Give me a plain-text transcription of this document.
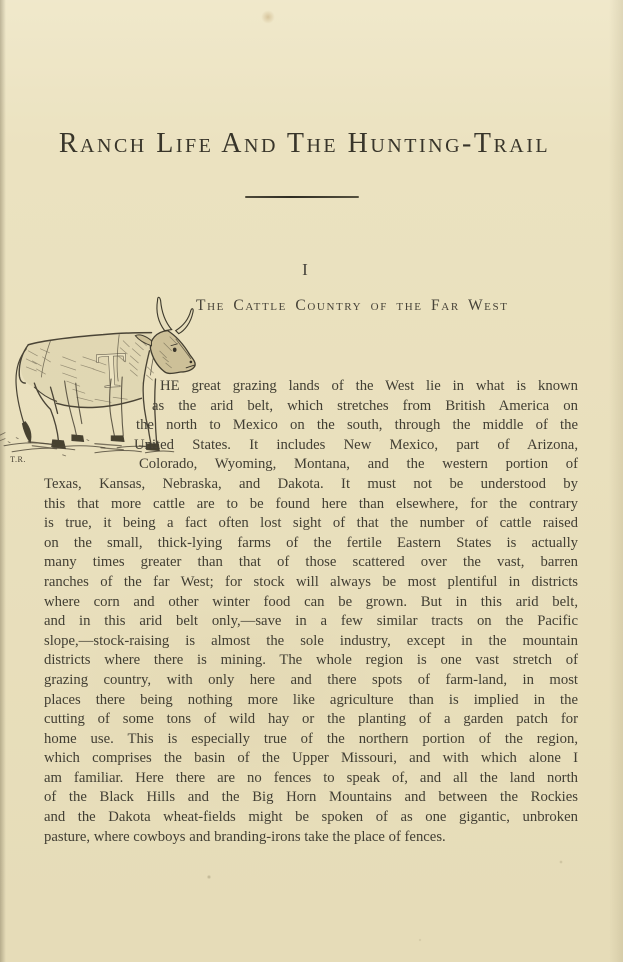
Ranch Life And The Hunting-Trail
I
The Cattle Country of the Far West
T
T.R.
HE great grazing lands of the West lie in what is known
as the arid belt, which stretches from British America on
the north to Mexico on the south, through the middle of the
United States. It includes New Mexico, part of Arizona,
Colorado, Wyoming, Montana, and the western portion of
Texas, Kansas, Nebraska, and Dakota. It must not be understood by
this that more cattle are to be found here than elsewhere, for the contrary
is true, it being a fact often lost sight of that the number of cattle raised
on the small, thick-lying farms of the fertile Eastern States is actually
many times greater than that of those scattered over the vast, barren
ranches of the far West; for stock will always be most plentiful in districts
where corn and other winter food can be grown. But in this arid belt,
and in this arid belt only,—save in a few similar tracts on the Pacific
slope,—stock-raising is almost the sole industry, except in the mountain
districts where there is mining. The whole region is one vast stretch of
grazing country, with only here and there spots of farm-land, in most
places there being nothing more like agriculture than is implied in the
cutting of some tons of wild hay or the planting of a garden patch for
home use. This is especially true of the northern portion of the region,
which comprises the basin of the Upper Missouri, and with which alone I
am familiar. Here there are no fences to speak of, and all the land north
of the Black Hills and the Big Horn Mountains and between the Rockies
and the Dakota wheat-fields might be spoken of as one gigantic, unbroken
pasture, where cowboys and branding-irons take the place of fences.
